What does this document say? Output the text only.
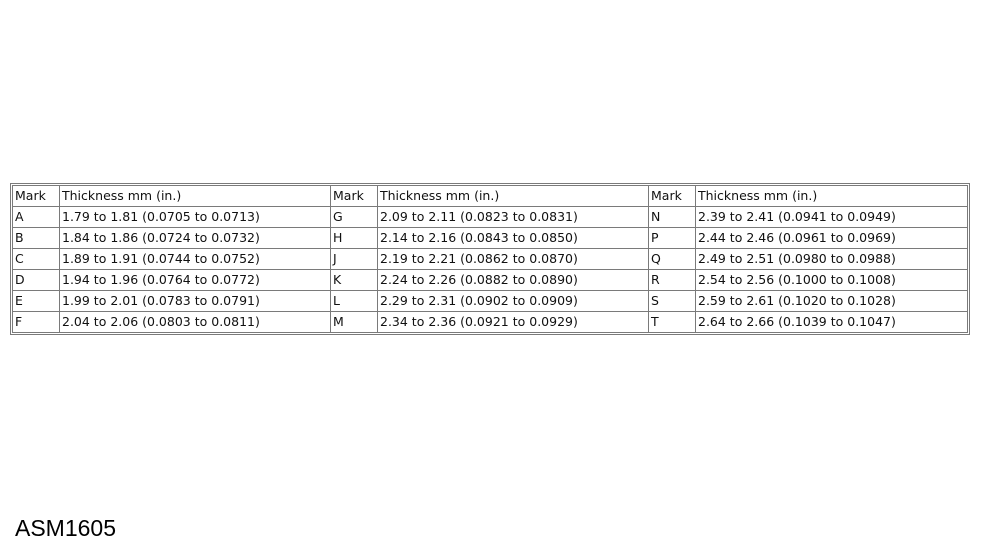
Mark	Thickness mm (in.)	Mark	Thickness mm (in.)	Mark	Thickness mm (in.)
A	1.79 to 1.81 (0.0705 to 0.0713)	G	2.09 to 2.11 (0.0823 to 0.0831)	N	2.39 to 2.41 (0.0941 to 0.0949)
B	1.84 to 1.86 (0.0724 to 0.0732)	H	2.14 to 2.16 (0.0843 to 0.0850)	P	2.44 to 2.46 (0.0961 to 0.0969)
C	1.89 to 1.91 (0.0744 to 0.0752)	J	2.19 to 2.21 (0.0862 to 0.0870)	Q	2.49 to 2.51 (0.0980 to 0.0988)
D	1.94 to 1.96 (0.0764 to 0.0772)	K	2.24 to 2.26 (0.0882 to 0.0890)	R	2.54 to 2.56 (0.1000 to 0.1008)
E	1.99 to 2.01 (0.0783 to 0.0791)	L	2.29 to 2.31 (0.0902 to 0.0909)	S	2.59 to 2.61 (0.1020 to 0.1028)
F	2.04 to 2.06 (0.0803 to 0.0811)	M	2.34 to 2.36 (0.0921 to 0.0929)	T	2.64 to 2.66 (0.1039 to 0.1047)
ASM1605
